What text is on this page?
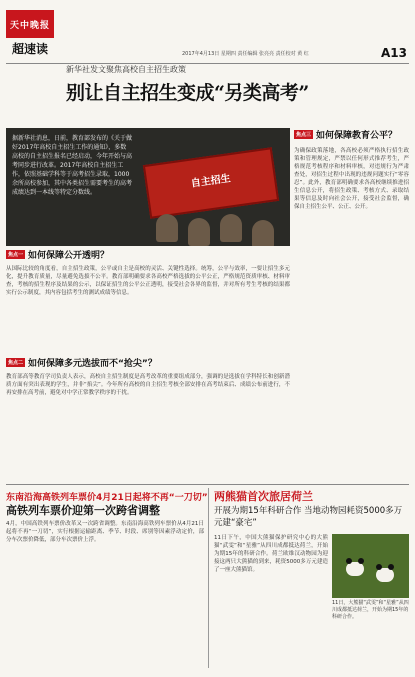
天中晚报
超速读	2017年4月13日 星期四 责任编辑 张亮亮 责任校对 黄 红	A13
新华社发文聚焦高校自主招生政策
别让自主招生变成“另类高考”
据新华社消息，日前，教育部发布的《关于做好2017年高校自主招生工作的通知》，多数高校的自主招生报名已经启动，今年开始与高考同步进行改革。2017年高校自主招生工作，依照基础学科等于高考招生录取，1000余所高校参加，其中各类招生需要考生的高考成绩达到一本线等特定分数线。
自主招生
焦点三 如何保障教育公平？
为确保政策落地，各高校必须严格执行招生政策和管理规定，严禁以任何形式推荐考生，严格规范考核程序和材料审核，对违规行为严肃查处，对招生过程中出现的违规问题实行“零容忍”。此外，教育部明确要求各高校继续推进招生信息公开，将招生政策、考核方式、录取结果等信息及时向社会公开，接受社会监督，确保自主招生公平、公正、公开。
焦点一 如何保障公开透明？
从国际比较的角度看，自主招生政策，公平或自主是高校的灵活、关键性选择。统筹，公平与效率，一要让招生多元化，提升教育质量，尽量避免选拔不公平。教育部明确要求各高校严格选拔的公平公正，严格规范资质审核、材料审查，考核的招生程序及结果的公示，以保证招生的公平公正透明，接受社会各界的监督，并对所有考生考核的结果都实行公示制度，其内容包括考生的测试成绩等信息。
焦点二 如何保障多元选拔而不“抢尖”？
教育部高等教育学司负责人表示，高校自主招生制度是高考改革的重要组成部分，强调的是选拔在学科特长和创新潜质方面有突出表现的学生，并非“掐尖”。今年所有高校的自主招生考核全部安排在高考结束后、成绩公布前进行，不再安排在高考前，避免对中学正常教学秩序的干扰。
东南沿海高铁列车票价4月21日起将不再“一刀切”
高铁列车票价迎第一次跨省调整
4月，中国高铁列车票价改革又一次跨省调整。东南沿海高铁列车票价从4月21日起将不再“一刀切”，实行根据运输距离、季节、时段、席别等因素浮动定价，部分车次票价降低，部分车次票价上浮。
两熊猫首次旅居荷兰
开展为期15年科研合作 当地动物园耗资5000多万元建“豪宅”
11日下午，中国大熊猫保护研究中心的大熊猫“武雯”和“星雅”从四川成都抵达荷兰，开始为期15年的科研合作。荷兰欧维汉动物园为迎接这两只大熊猫的到来，耗资5000多万元建造了一座大熊猫馆。
11日，大熊猫“武雯”和“星雅”从四川成都抵达荷兰，开始为期15年的科研合作。
